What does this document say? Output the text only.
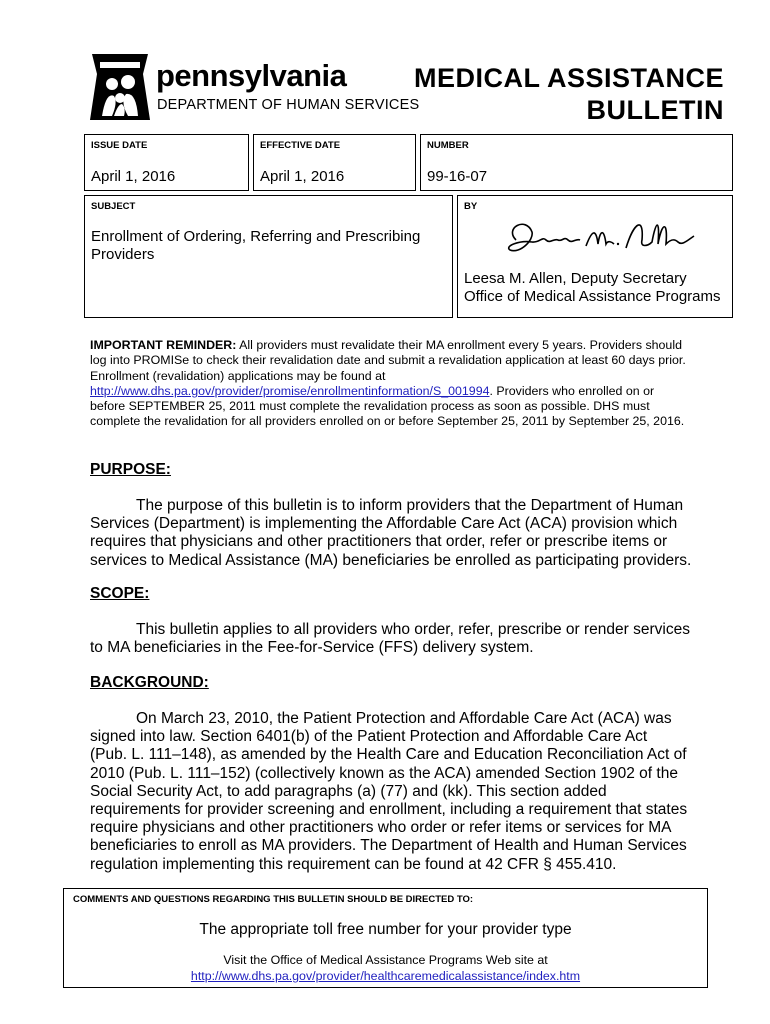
pennsylvania
DEPARTMENT OF HUMAN SERVICES
MEDICAL ASSISTANCE
BULLETIN
ISSUE DATE
April 1, 2016
EFFECTIVE DATE
April 1, 2016
NUMBER
99-16-07
SUBJECT
Enrollment of Ordering, Referring and Prescribing Providers
BY
Leesa M. Allen, Deputy Secretary
Office of Medical Assistance Programs
IMPORTANT REMINDER: All providers must revalidate their MA enrollment every 5 years. Providers should log into PROMISe to check their revalidation date and submit a revalidation application at least 60 days prior. Enrollment (revalidation) applications may be found at http://www.dhs.pa.gov/provider/promise/enrollmentinformation/S_001994. Providers who enrolled on or before SEPTEMBER 25, 2011 must complete the revalidation process as soon as possible. DHS must complete the revalidation for all providers enrolled on or before September 25, 2011 by September 25, 2016.
PURPOSE:
The purpose of this bulletin is to inform providers that the Department of Human
Services (Department) is implementing the Affordable Care Act (ACA) provision which
requires that physicians and other practitioners that order, refer or prescribe items or
services to Medical Assistance (MA) beneficiaries be enrolled as participating providers.
SCOPE:
This bulletin applies to all providers who order, refer, prescribe or render services
to MA beneficiaries in the Fee-for-Service (FFS) delivery system.
BACKGROUND:
On March 23, 2010, the Patient Protection and Affordable Care Act (ACA) was
signed into law. Section 6401(b) of the Patient Protection and Affordable Care Act
(Pub. L. 111–148), as amended by the Health Care and Education Reconciliation Act of
2010 (Pub. L. 111–152) (collectively known as the ACA) amended Section 1902 of the
Social Security Act, to add paragraphs (a) (77) and (kk). This section added
requirements for provider screening and enrollment, including a requirement that states
require physicians and other practitioners who order or refer items or services for MA
beneficiaries to enroll as MA providers. The Department of Health and Human Services
regulation implementing this requirement can be found at 42 CFR § 455.410.
COMMENTS AND QUESTIONS REGARDING THIS BULLETIN SHOULD BE DIRECTED TO:
The appropriate toll free number for your provider type
Visit the Office of Medical Assistance Programs Web site at
http://www.dhs.pa.gov/provider/healthcaremedicalassistance/index.htm
